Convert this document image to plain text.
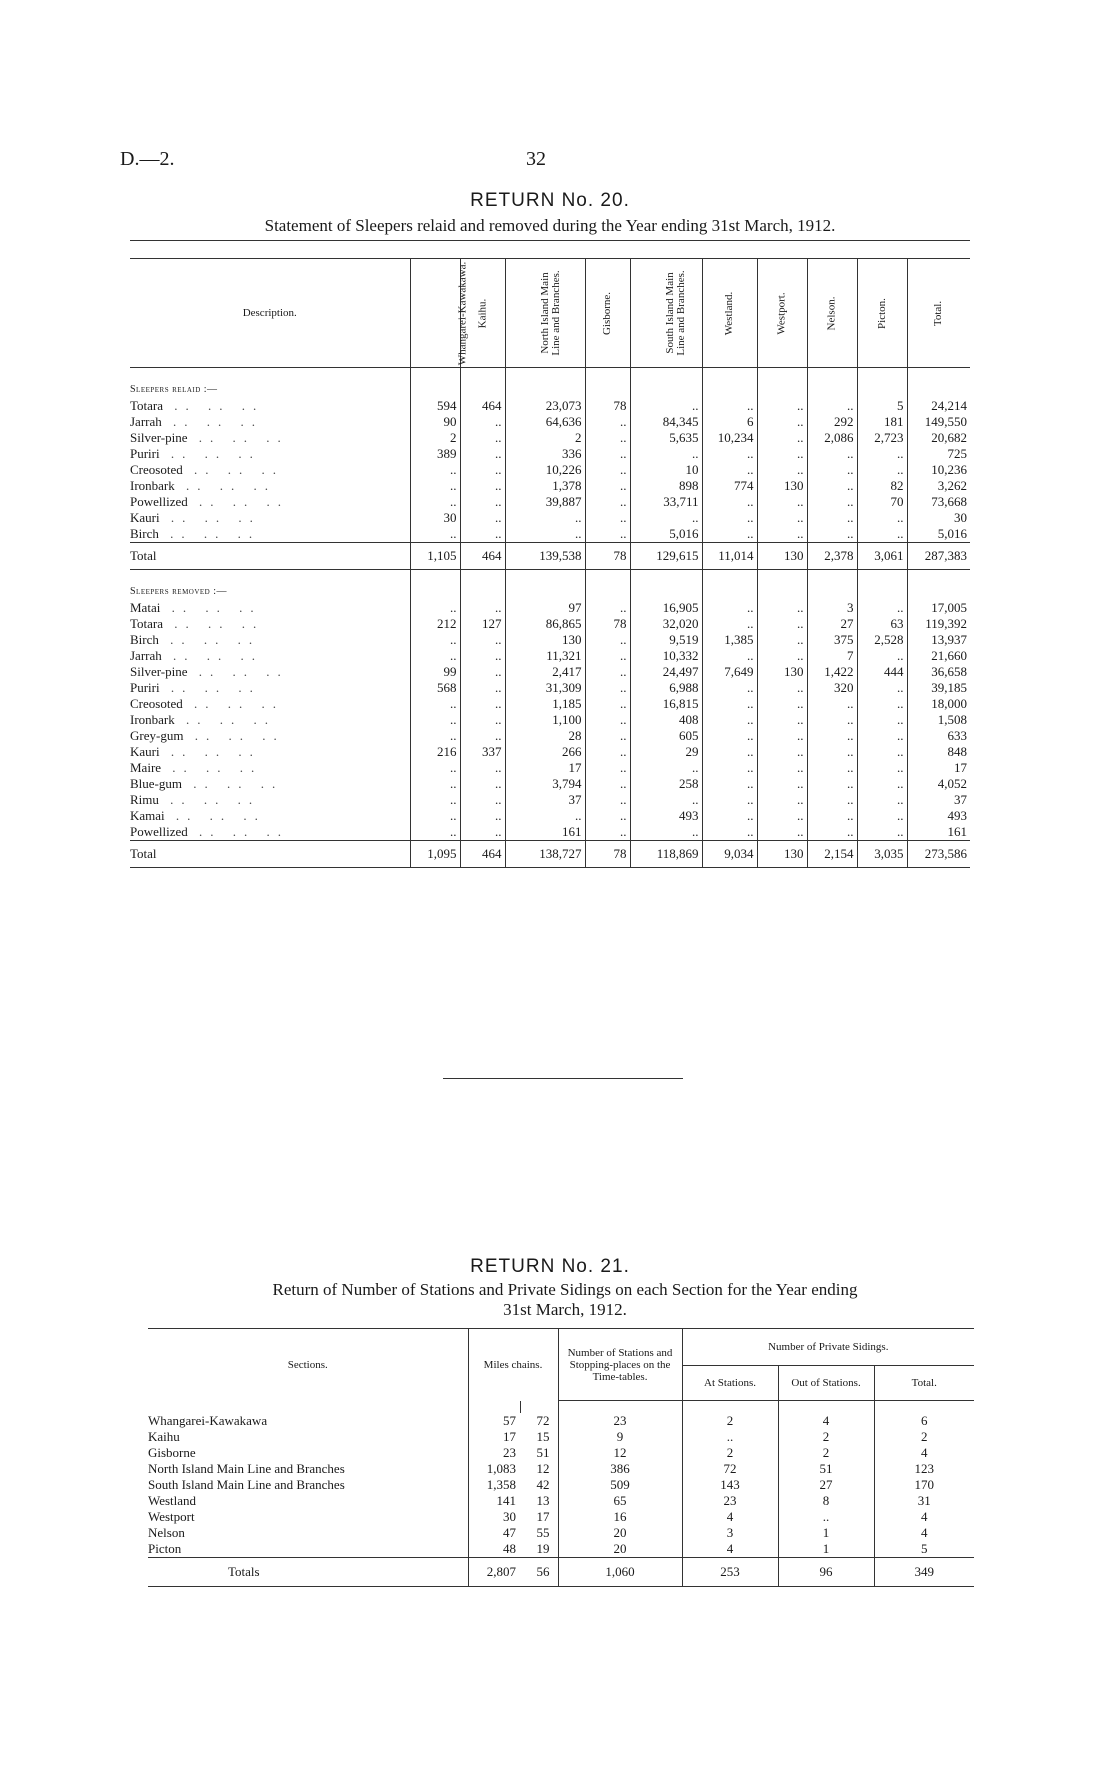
D.—2.	32
RETURN No. 20.
Statement of Sleepers relaid and removed during the Year ending 31st March, 1912.
Description.	Whangarei-Kawakawa.	Kaihu.	North Island Main Line and Branches.	Gisborne.	South Island Main Line and Branches.	Westland.	Westport.	Nelson.	Picton.	Total.

Sleepers relaid :—										
Totara .. .. ..	594	464	23,073	78	..	..	..	..	5	24,214
Jarrah .. .. ..	90	..	64,636	..	84,345	6	..	292	181	149,550
Silver-pine .. .. ..	2	..	2	..	5,635	10,234	..	2,086	2,723	20,682
Puriri .. .. ..	389	..	336	..	..	..	..	..	..	725
Creosoted .. .. ..	..	..	10,226	..	10	..	..	..	..	10,236
Ironbark .. .. ..	..	..	1,378	..	898	774	130	..	82	3,262
Powellized .. .. ..	..	..	39,887	..	33,711	..	..	..	70	73,668
Kauri .. .. ..	30	..	..	..	..	..	..	..	..	30
Birch .. .. ..	..	..	..	..	5,016	..	..	..	..	5,016
Total	1,105	464	139,538	78	129,615	11,014	130	2,378	3,061	287,383

Sleepers removed :—										
Matai .. .. ..	..	..	97	..	16,905	..	..	3	..	17,005
Totara .. .. ..	212	127	86,865	78	32,020	..	..	27	63	119,392
Birch .. .. ..	..	..	130	..	9,519	1,385	..	375	2,528	13,937
Jarrah .. .. ..	..	..	11,321	..	10,332	..	..	7	..	21,660
Silver-pine .. .. ..	99	..	2,417	..	24,497	7,649	130	1,422	444	36,658
Puriri .. .. ..	568	..	31,309	..	6,988	..	..	320	..	39,185
Creosoted .. .. ..	..	..	1,185	..	16,815	..	..	..	..	18,000
Ironbark .. .. ..	..	..	1,100	..	408	..	..	..	..	1,508
Grey-gum .. .. ..	..	..	28	..	605	..	..	..	..	633
Kauri .. .. ..	216	337	266	..	29	..	..	..	..	848
Maire .. .. ..	..	..	17	..	..	..	..	..	..	17
Blue-gum .. .. ..	..	..	3,794	..	258	..	..	..	..	4,052
Rimu .. .. ..	..	..	37	..	..	..	..	..	..	37
Kamai .. .. ..	..	..	..	..	493	..	..	..	..	493
Powellized .. .. ..	..	..	161	..	..	..	..	..	..	161
Total	1,095	464	138,727	78	118,869	9,034	130	2,154	3,035	273,586
RETURN No. 21.
Return of Number of Stations and Private Sidings on each Section for the Year ending
31st March, 1912.
Sections.	Miles chains.		Number of Stations and Stopping-places on the Time-tables.	Number of Private Sidings.		
				At Stations.	Out of Stations.	Total.

Whangarei-Kawakawa	57	72	23	2	4	6
Kaihu	17	15	9	..	2	2
Gisborne	23	51	12	2	2	4
North Island Main Line and Branches	1,083	12	386	72	51	123
South Island Main Line and Branches	1,358	42	509	143	27	170
Westland	141	13	65	23	8	31
Westport	30	17	16	4	..	4
Nelson	47	55	20	3	1	4
Picton	48	19	20	4	1	5
Totals	2,807	56	1,060	253	96	349
